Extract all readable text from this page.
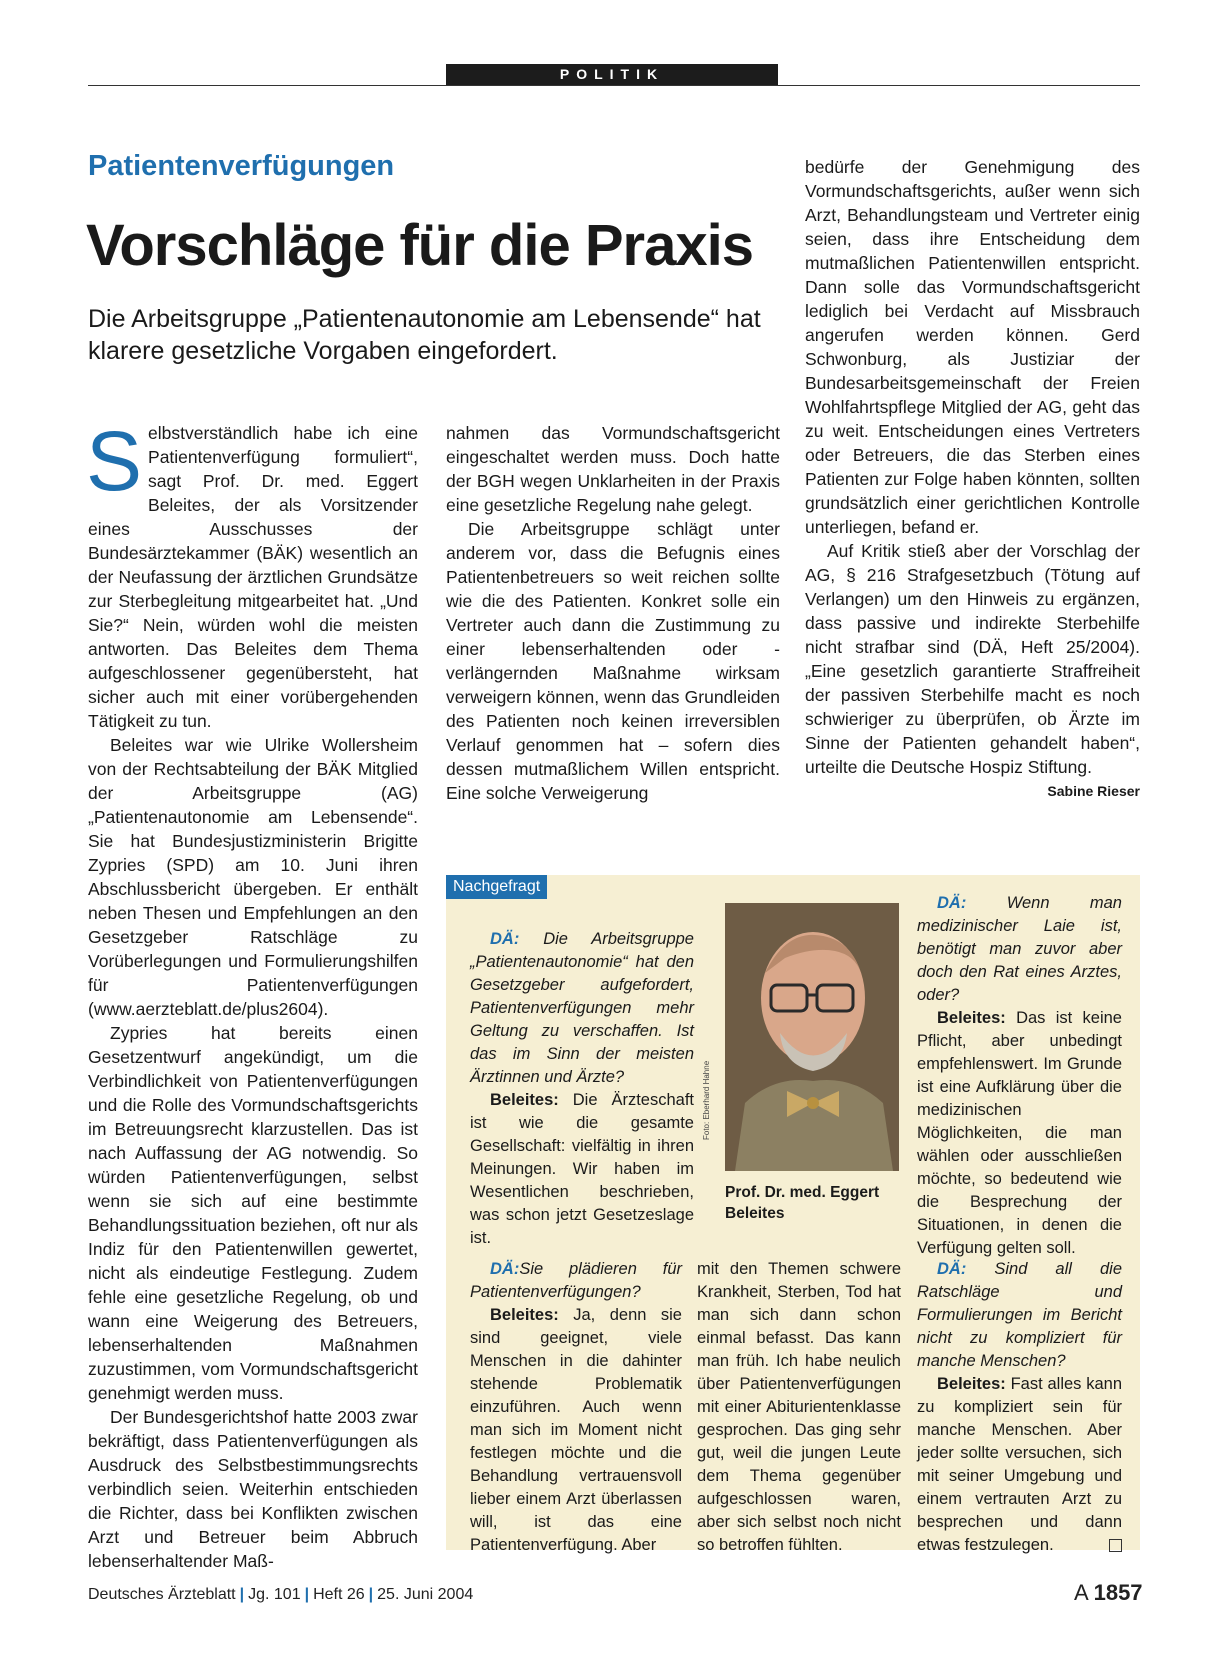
POLITIK
Patientenverfügungen
Vorschläge für die Praxis
Die Arbeitsgruppe „Patientenautonomie am Lebensende“ hat klarere gesetzliche Vorgaben eingefordert.

Selbstverständlich habe ich eine Patientenverfügung formuliert“, sagt Prof. Dr. med. Eggert Beleites, der als Vorsitzender eines Ausschusses der Bundesärztekammer (BÄK) wesentlich an der Neufassung der ärztlichen Grundsätze zur Sterbegleitung mitgearbeitet hat. „Und Sie?“ Nein, würden wohl die meisten antworten. Das Beleites dem Thema aufgeschlossener gegenübersteht, hat sicher auch mit einer vorübergehenden Tätigkeit zu tun.

Beleites war wie Ulrike Wollersheim von der Rechtsabteilung der BÄK Mitglied der Arbeitsgruppe (AG) „Patientenautonomie am Lebensende“. Sie hat Bundesjustizministerin Brigitte Zypries (SPD) am 10. Juni ihren Abschlussbericht übergeben. Er enthält neben Thesen und Empfehlungen an den Gesetzgeber Ratschläge zu Vorüberlegungen und Formulierungshilfen für Patientenverfügungen (www.aerzteblatt.de/plus2604).

Zypries hat bereits einen Gesetzentwurf angekündigt, um die Verbindlichkeit von Patientenverfügungen und die Rolle des Vormundschaftsgerichts im Betreuungsrecht klarzustellen. Das ist nach Auffassung der AG notwendig. So würden Patientenverfügungen, selbst wenn sie sich auf eine bestimmte Behandlungssituation beziehen, oft nur als Indiz für den Patientenwillen gewertet, nicht als eindeutige Festlegung. Zudem fehle eine gesetzliche Regelung, ob und wann eine Weigerung des Betreuers, lebenserhaltenden Maßnahmen zuzustimmen, vom Vormundschaftsgericht genehmigt werden muss.

Der Bundesgerichtshof hatte 2003 zwar bekräftigt, dass Patientenverfügungen als Ausdruck des Selbstbestimmungsrechts verbindlich seien. Weiterhin entschieden die Richter, dass bei Konflikten zwischen Arzt und Betreuer beim Abbruch lebenserhaltender Maß-

nahmen das Vormundschaftsgericht eingeschaltet werden muss. Doch hatte der BGH wegen Unklarheiten in der Praxis eine gesetzliche Regelung nahe gelegt.

Die Arbeitsgruppe schlägt unter anderem vor, dass die Befugnis eines Patientenbetreuers so weit reichen sollte wie die des Patienten. Konkret solle ein Vertreter auch dann die Zustimmung zu einer lebenserhaltenden oder -verlängernden Maßnahme wirksam verweigern können, wenn das Grundleiden des Patienten noch keinen irreversiblen Verlauf genommen hat – sofern dies dessen mutmaßlichem Willen entspricht. Eine solche Verweigerung

bedürfe der Genehmigung des Vormundschaftsgerichts, außer wenn sich Arzt, Behandlungsteam und Vertreter einig seien, dass ihre Entscheidung dem mutmaßlichen Patientenwillen entspricht. Dann solle das Vormundschaftsgericht lediglich bei Verdacht auf Missbrauch angerufen werden können. Gerd Schwonburg, als Justiziar der Bundesarbeitsgemeinschaft der Freien Wohlfahrtspflege Mitglied der AG, geht das zu weit. Entscheidungen eines Vertreters oder Betreuers, die das Sterben eines Patienten zur Folge haben könnten, sollten grundsätzlich einer gerichtlichen Kontrolle unterliegen, befand er.

Auf Kritik stieß aber der Vorschlag der AG, § 216 Strafgesetzbuch (Tötung auf Verlangen) um den Hinweis zu ergänzen, dass passive und indirekte Sterbehilfe nicht strafbar sind (DÄ, Heft 25/2004). „Eine gesetzlich garantierte Straffreiheit der passiven Sterbehilfe macht es noch schwieriger zu überprüfen, ob Ärzte im Sinne der Patienten gehandelt haben“, urteilte die Deutsche Hospiz Stiftung.
Sabine Rieser

Nachgefragt

DÄ: Die Arbeitsgruppe „Patientenautonomie“ hat den Gesetzgeber aufgefordert, Patientenverfügungen mehr Geltung zu verschaffen. Ist das im Sinn der meisten Ärztinnen und Ärzte?

Beleites: Die Ärzteschaft ist wie die gesamte Gesellschaft: vielfältig in ihren Meinungen. Wir haben im Wesentlichen beschrieben, was schon jetzt Gesetzeslage ist.

Foto: Eberhard Hahne
Prof. Dr. med. Eggert Beleites

DÄ: Wenn man medizinischer Laie ist, benötigt man zuvor aber doch den Rat eines Arztes, oder?

Beleites: Das ist keine Pflicht, aber unbedingt empfehlenswert. Im Grunde ist eine Aufklärung über die medizinischen Möglichkeiten, die man wählen oder ausschließen möchte, so bedeutend wie die Besprechung der Situationen, in denen die Verfügung gelten soll.

DÄ:Sie plädieren für Patientenverfügungen?

Beleites: Ja, denn sie sind geeignet, viele Menschen in die dahinter stehende Problematik einzuführen. Auch wenn man sich im Moment nicht festlegen möchte und die Behandlung vertrauensvoll lieber einem Arzt überlassen will, ist das eine Patientenverfügung. Aber

mit den Themen schwere Krankheit, Sterben, Tod hat man sich dann schon einmal befasst. Das kann man früh. Ich habe neulich über Patientenverfügungen mit einer Abiturientenklasse gesprochen. Das ging sehr gut, weil die jungen Leute dem Thema gegenüber aufgeschlossen waren, aber sich selbst noch nicht so betroffen fühlten.

DÄ: Sind all die Ratschläge und Formulierungen im Bericht nicht zu kompliziert für manche Menschen?

Beleites: Fast alles kann zu kompliziert sein für manche Menschen. Aber jeder sollte versuchen, sich mit seiner Umgebung und einem vertrauten Arzt zu besprechen und dann etwas festzulegen.

Deutsches Ärzteblatt | Jg. 101 | Heft 26 | 25. Juni 2004	A 1857
